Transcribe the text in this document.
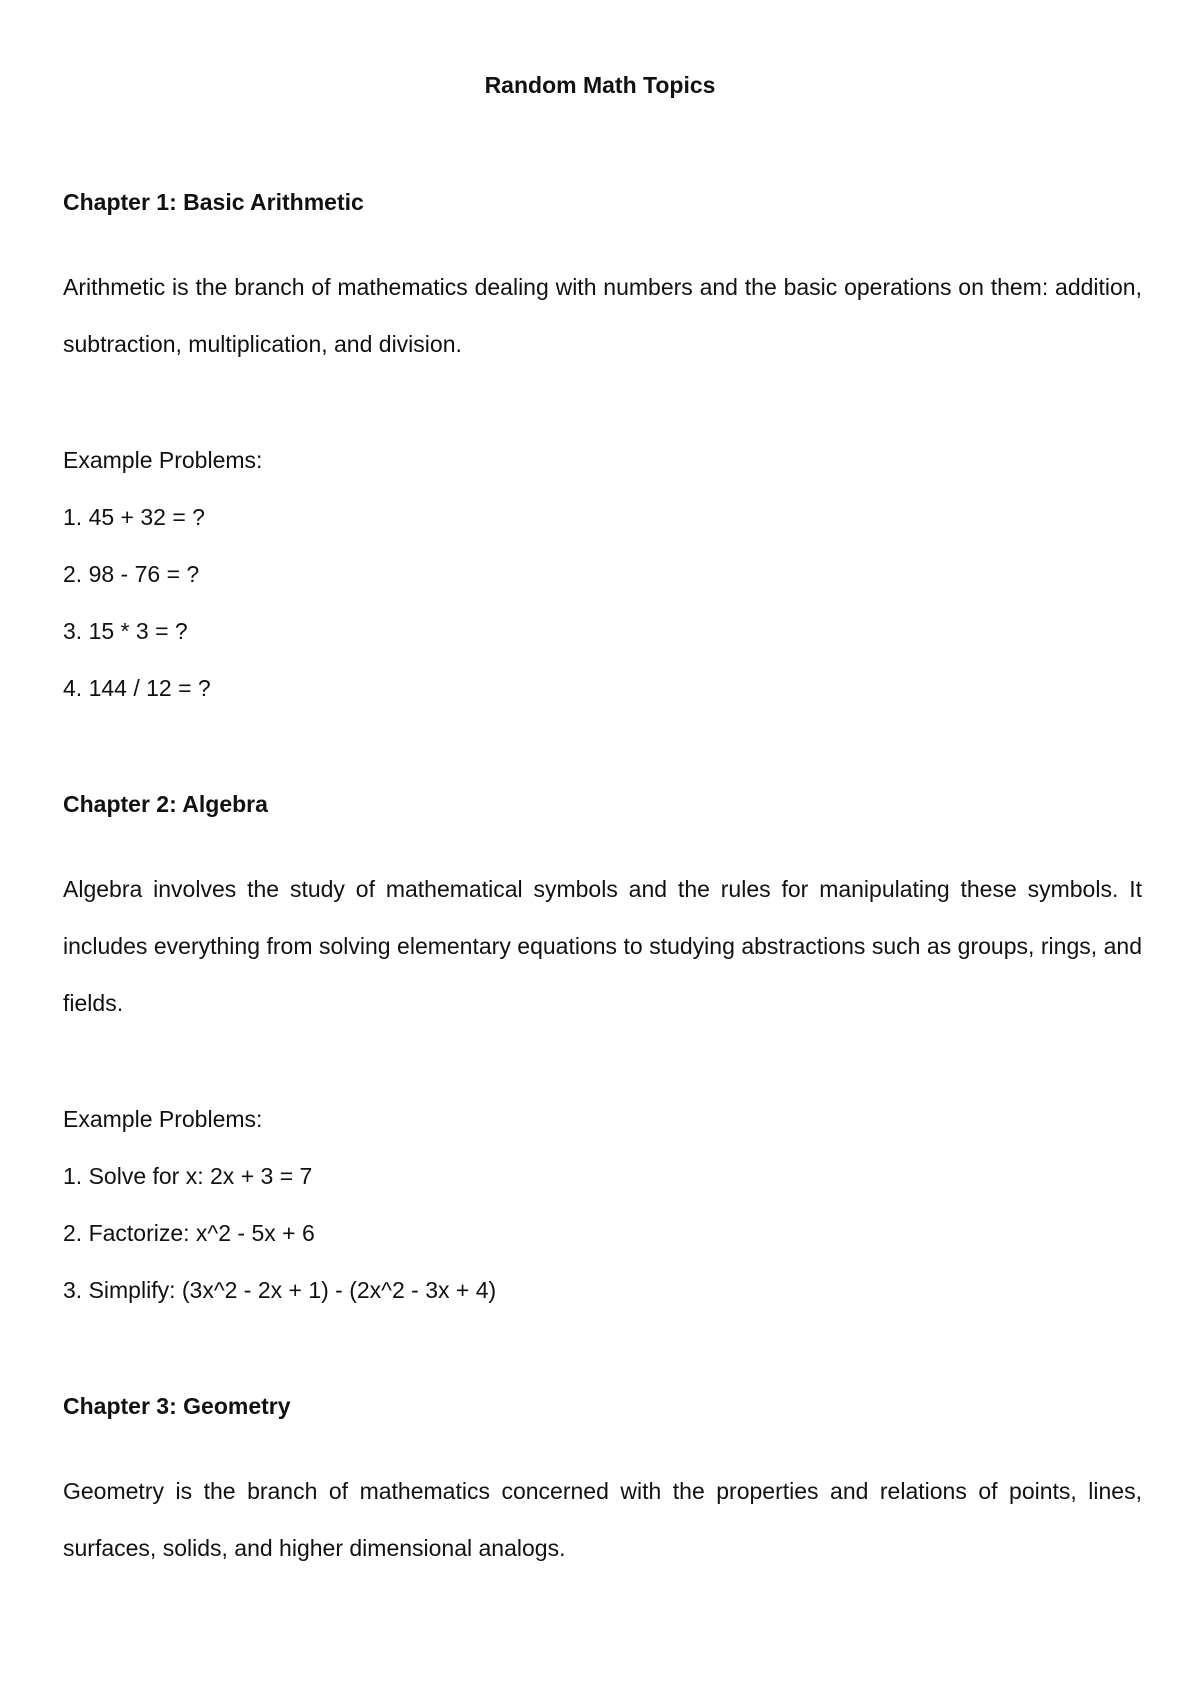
Random Math Topics
Chapter 1: Basic Arithmetic
Arithmetic is the branch of mathematics dealing with numbers and the basic operations on them: addition, subtraction, multiplication, and division.
Example Problems:
1. 45 + 32 = ?
2. 98 - 76 = ?
3. 15 * 3 = ?
4. 144 / 12 = ?
Chapter 2: Algebra
Algebra involves the study of mathematical symbols and the rules for manipulating these symbols. It includes everything from solving elementary equations to studying abstractions such as groups, rings, and fields.
Example Problems:
1. Solve for x: 2x + 3 = 7
2. Factorize: x^2 - 5x + 6
3. Simplify: (3x^2 - 2x + 1) - (2x^2 - 3x + 4)
Chapter 3: Geometry
Geometry is the branch of mathematics concerned with the properties and relations of points, lines, surfaces, solids, and higher dimensional analogs.
